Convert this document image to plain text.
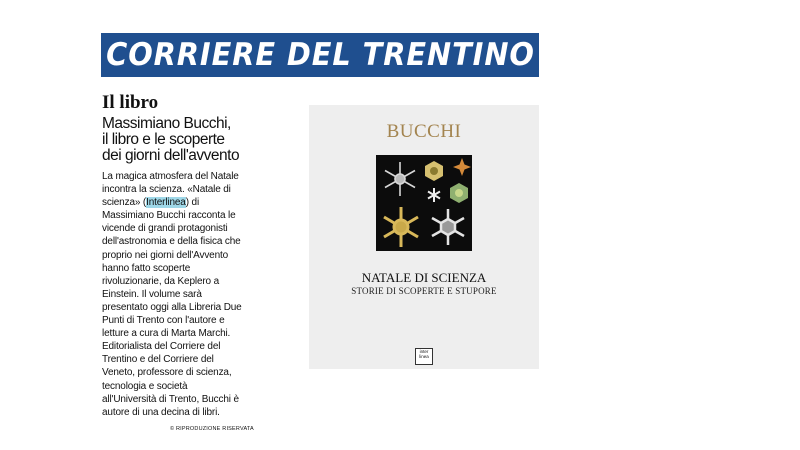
CORRIERE DEL TRENTINO
Il libro
Massimiano Bucchi,
il libro e le scoperte
dei giorni dell'avvento
La magica atmosfera del Natale
incontra la scienza. «Natale di
scienza» (Interlinea) di
Massimiano Bucchi racconta le
vicende di grandi protagonisti
dell'astronomia e della fisica che
proprio nei giorni dell'Avvento
hanno fatto scoperte
rivoluzionarie, da Keplero a
Einstein. Il volume sarà
presentato oggi alla Libreria Due
Punti di Trento con l'autore e
letture a cura di Marta Marchi.
Editorialista del Corriere del
Trentino e del Corriere del
Veneto, professore di scienza,
tecnologia e società
all'Università di Trento, Bucchi è
autore di una decina di libri.
© RIPRODUZIONE RISERVATA
BUCCHI
NATALE DI SCIENZA
STORIE DI SCOPERTE E STUPORE
inter
linea
